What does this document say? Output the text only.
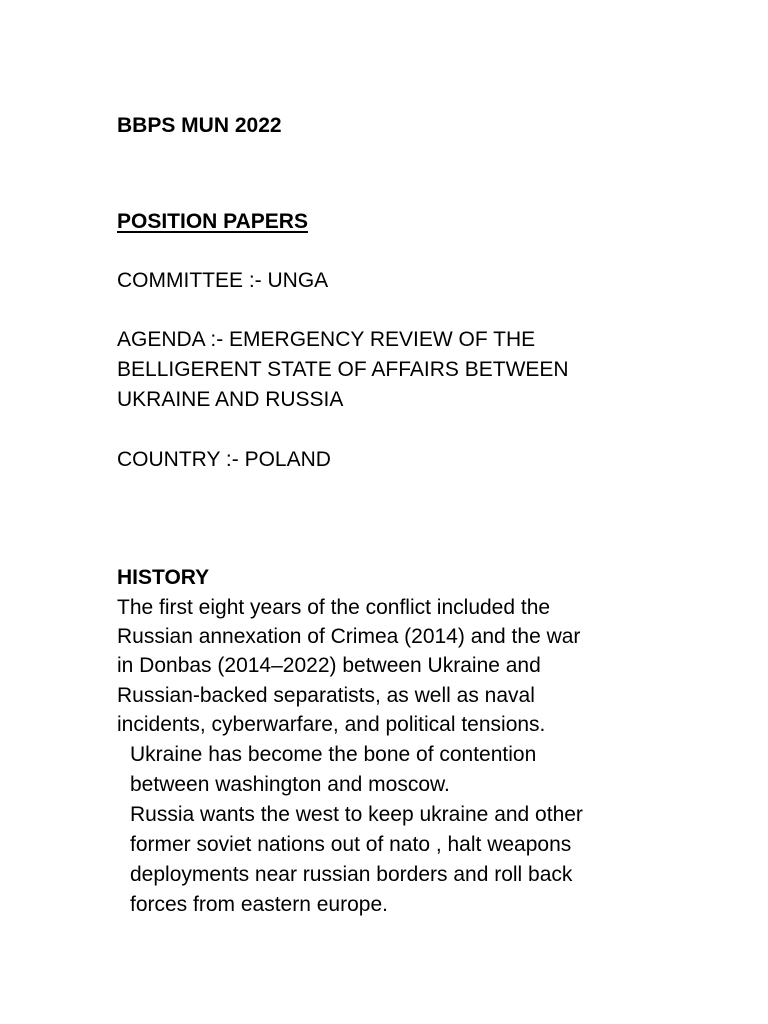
BBPS MUN 2022
POSITION PAPERS
COMMITTEE :- UNGA
AGENDA :- EMERGENCY REVIEW OF THE
BELLIGERENT STATE OF AFFAIRS BETWEEN
UKRAINE AND RUSSIA
COUNTRY :- POLAND
HISTORY
The first eight years of the conflict included the
Russian annexation of Crimea (2014) and the war
in Donbas (2014–2022) between Ukraine and
Russian-backed separatists, as well as naval
incidents, cyberwarfare, and political tensions.
Ukraine has become the bone of contention
between washington and moscow.
Russia wants the west to keep ukraine and other
former soviet nations out of nato , halt weapons
deployments near russian borders and roll back
forces from eastern europe.
